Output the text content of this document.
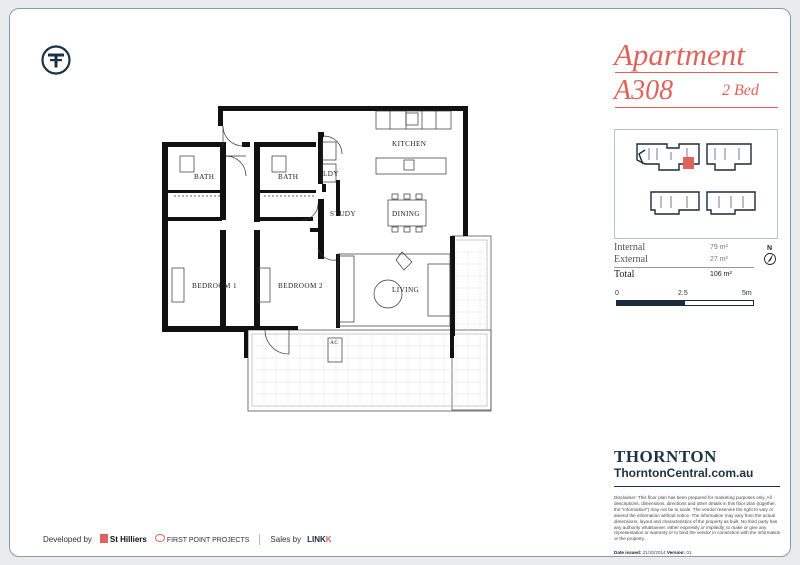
Apartment
A308	2 Bed
Internal	79 m²
External	27 m²
Total	106 m²
N
0	2.5	5m
THORNTON
ThorntonCentral.com.au
Disclaimer: This floor plan has been prepared for marketing purposes only. All descriptions, dimensions, directions and other details in this floor plan (together, the "information") may not be to scale. The vendor reserves the right to vary or amend the information without notice. The information may vary from the actual dimensions, layout and characteristics of the property as built. No third party has any authority whatsoever, either expressly or impliedly, to make or give any representation or warranty or to bind the vendor in connection with the information or the property.
Date issued: 21/10/2014 Version: 01
Developed by	St Hilliers	FIRST POINT PROJECTS	Sales by LINKK
KITCHEN
BATH	BATH	LDY
STUDY	DINING
LIVING
BEDROOM 1	BEDROOM 2
AC
